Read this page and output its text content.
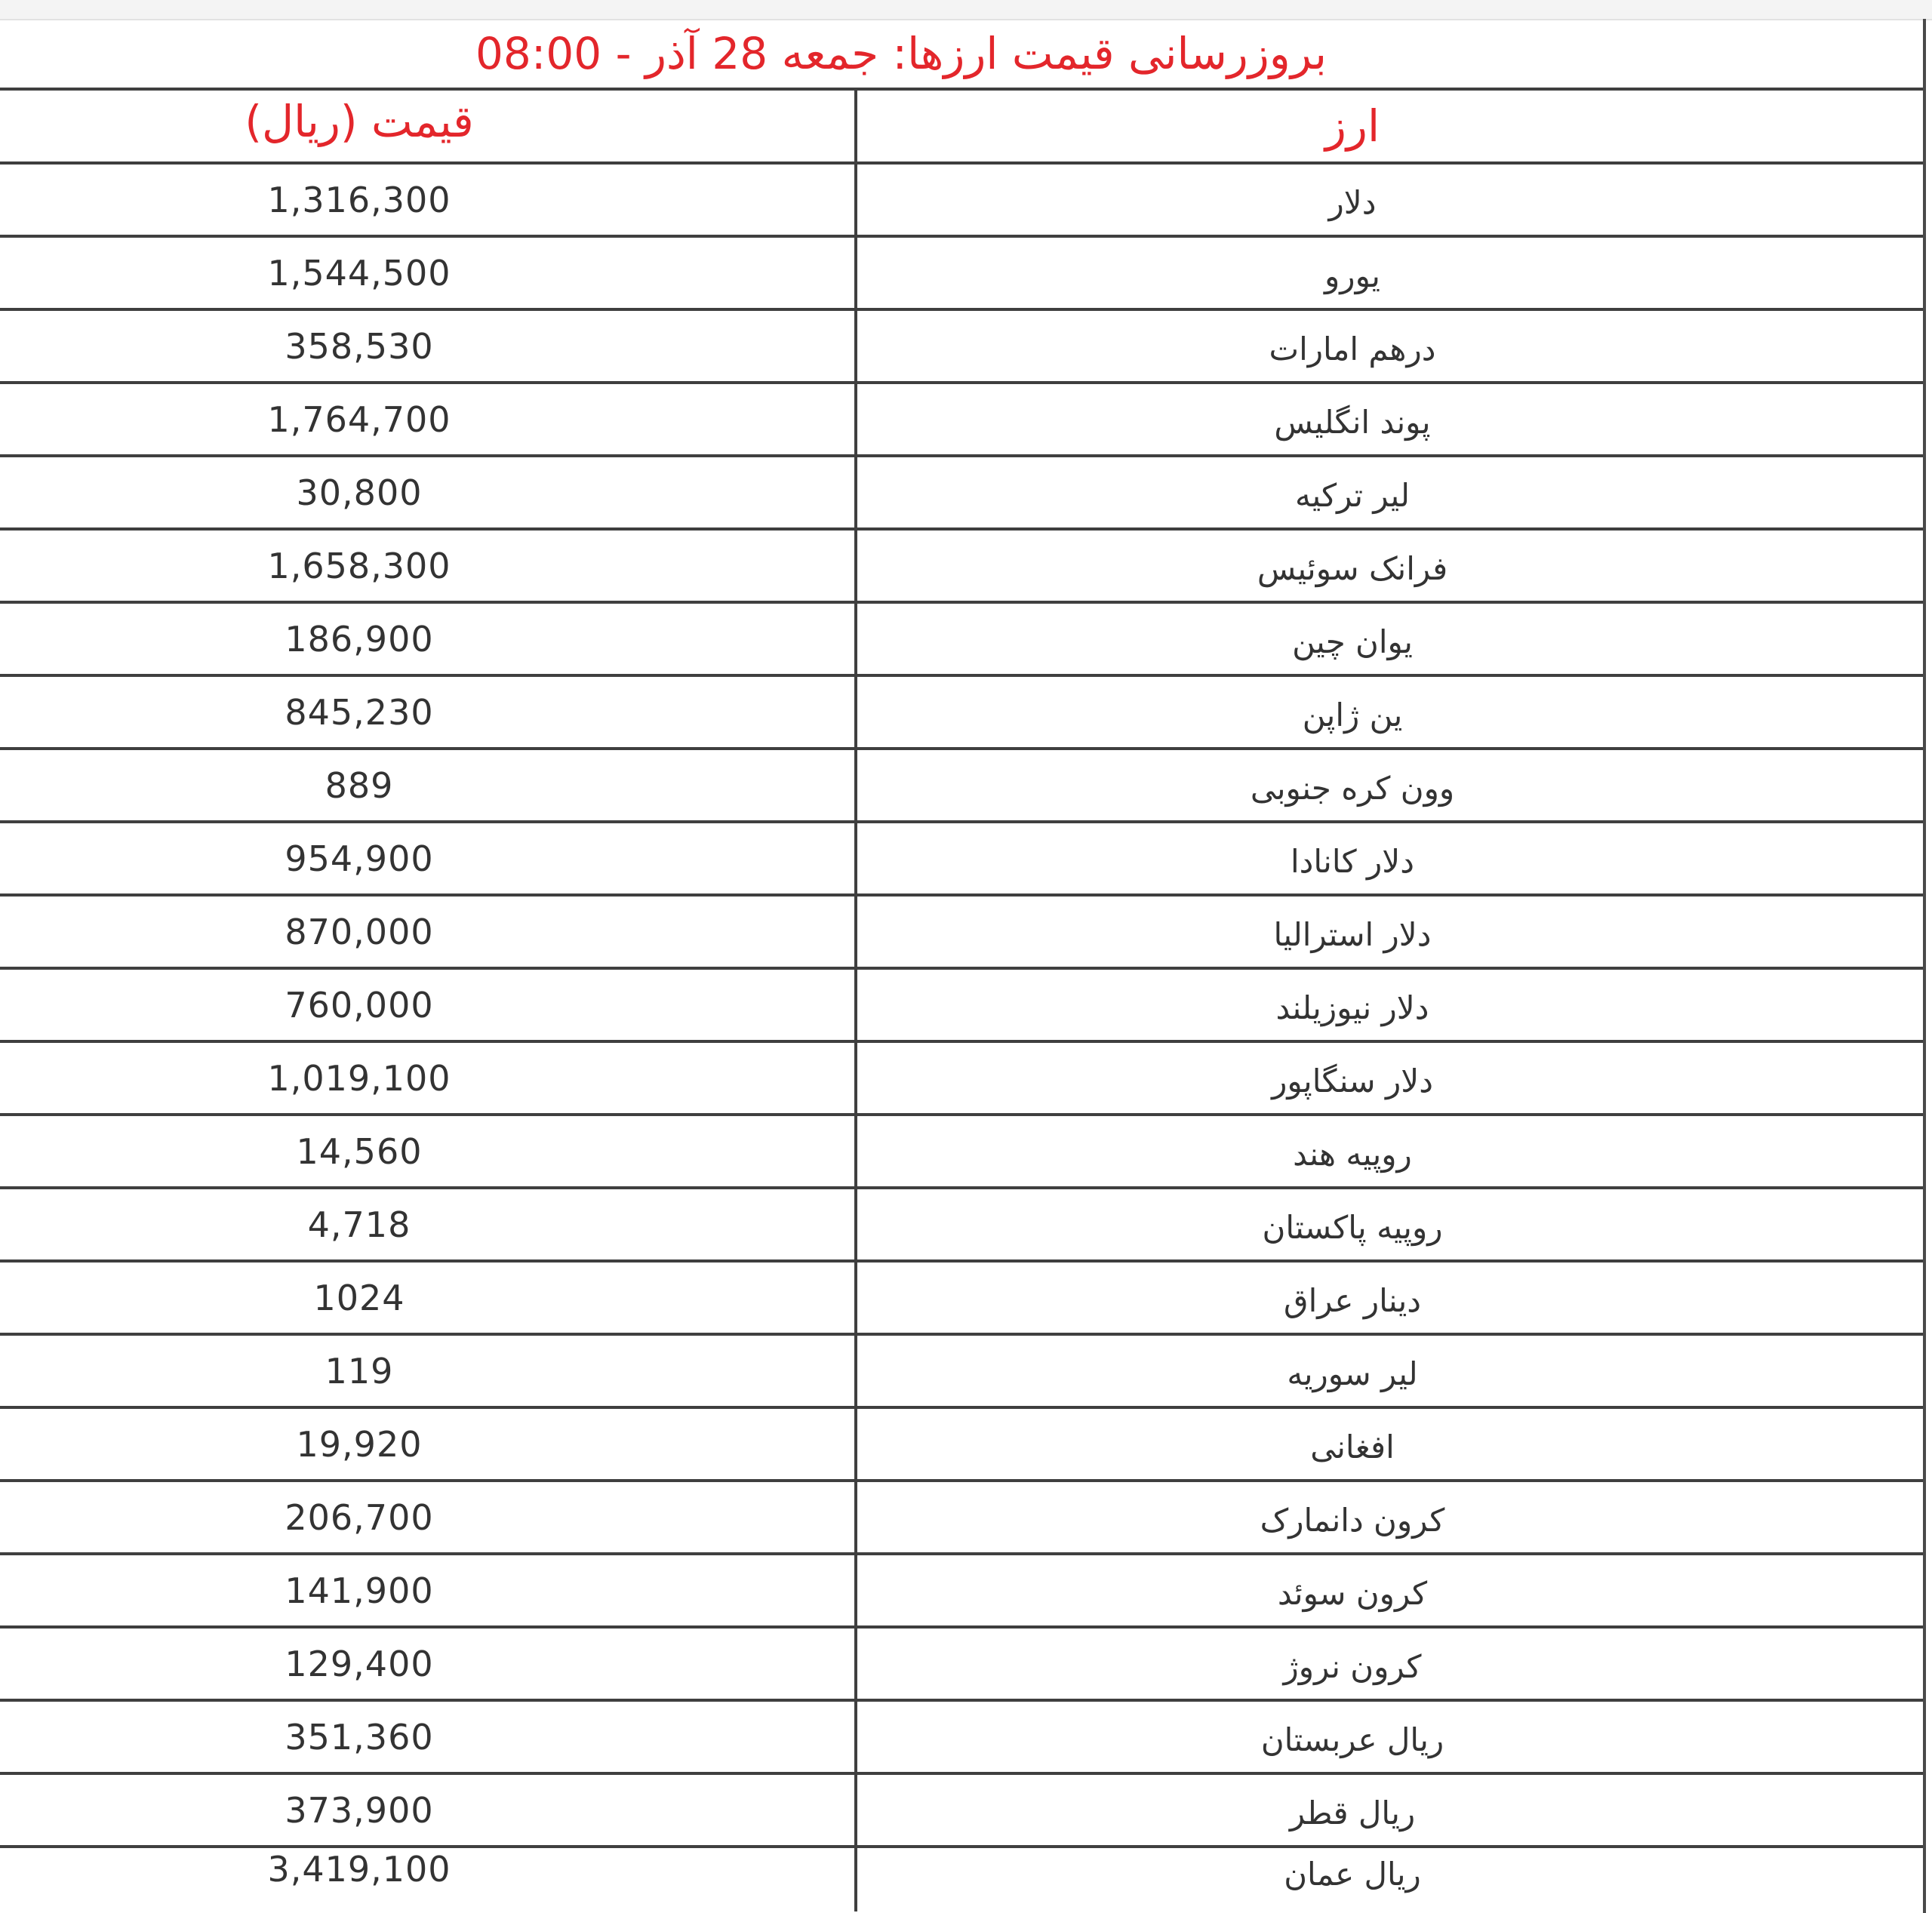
بروزرسانی قیمت ارزها: جمعه 28 آذر - 08:00
قیمت (ریال)	ارز
1,316,300	دلار
1,544,500	یورو
358,530	درهم امارات
1,764,700	پوند انگلیس
30,800	لیر ترکیه
1,658,300	فرانک سوئیس
186,900	یوان چین
845,230	ین ژاپن
889	وون کره جنوبی
954,900	دلار کانادا
870,000	دلار استرالیا
760,000	دلار نیوزیلند
1,019,100	دلار سنگاپور
14,560	روپیه هند
4,718	روپیه پاکستان
1024	دینار عراق
119	لیر سوریه
19,920	افغانی
206,700	کرون دانمارک
141,900	کرون سوئد
129,400	کرون نروژ
351,360	ریال عربستان
373,900	ریال قطر
3,419,100	ریال عمان
